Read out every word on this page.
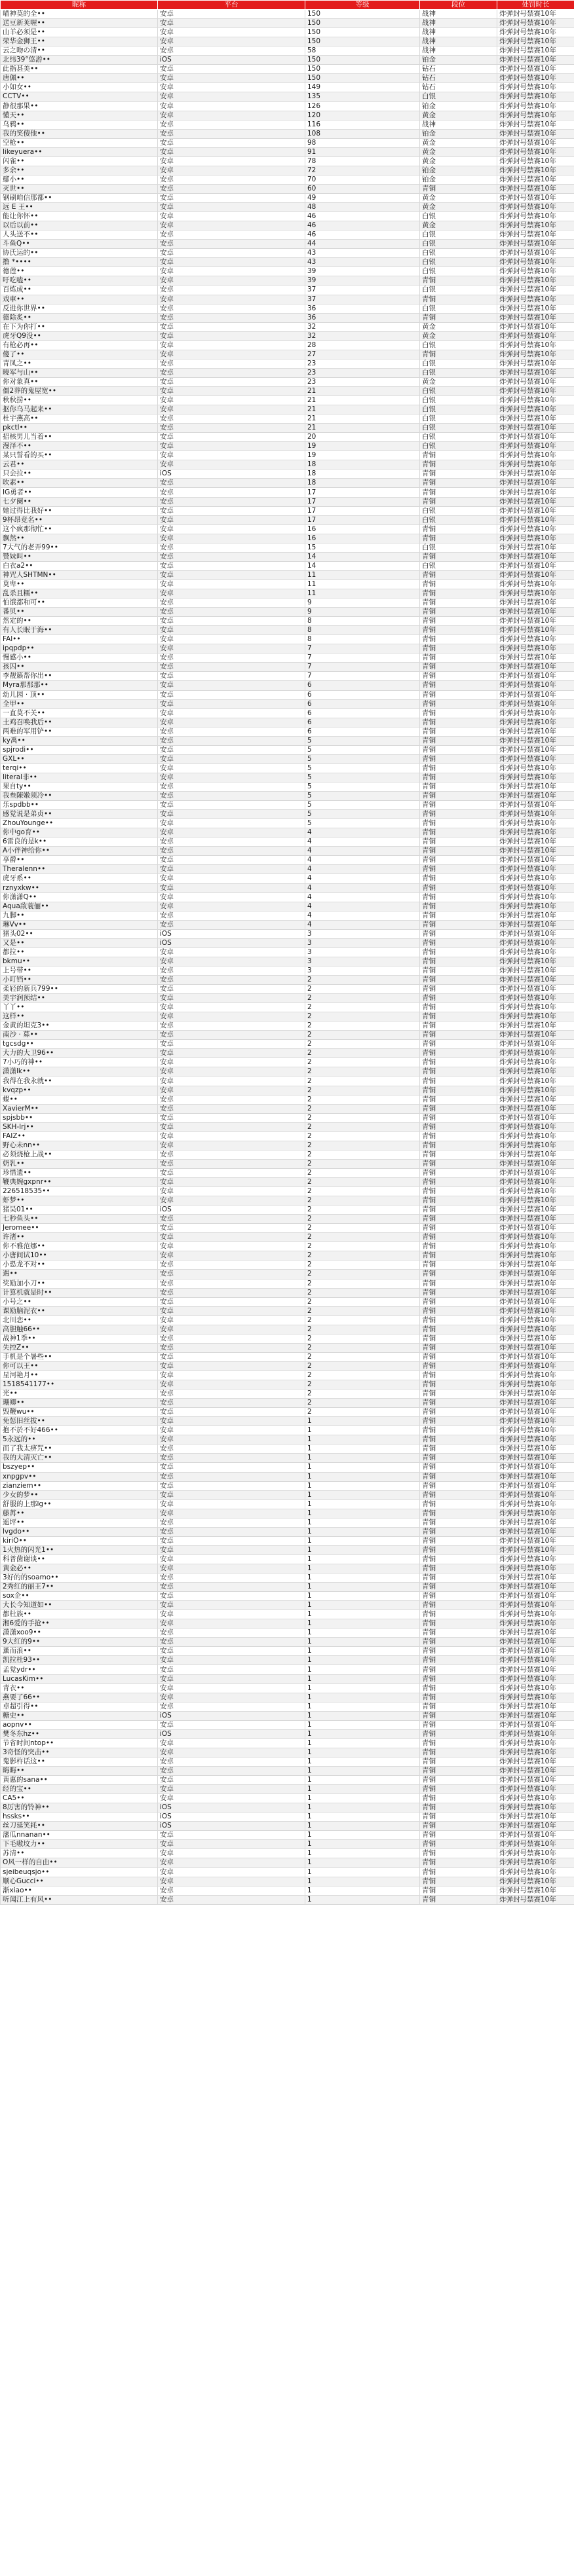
昵称	平台	等级	段位	处罚时长
喵神莫的全••	安卓	150	战神	炸弹封号禁赛10年
送豆新荚喔••	安卓	150	战神	炸弹封号禁赛10年
山羊必须是••	安卓	150	战神	炸弹封号禁赛10年
荣华金狮王••	安卓	150	战神	炸弹封号禁赛10年
云之吻の清••	安卓	58	战神	炸弹封号禁赛10年
北纬39°悠游••	iOS	150	铂金	炸弹封号禁赛10年
此指甚美••	安卓	150	钻石	炸弹封号禁赛10年
唐佩••	安卓	150	钻石	炸弹封号禁赛10年
小如女••	安卓	149	钻石	炸弹封号禁赛10年
CCTV••	安卓	135	白银	炸弹封号禁赛10年
静很那果••	安卓	126	铂金	炸弹封号禁赛10年
懂天••	安卓	120	黄金	炸弹封号禁赛10年
乌鸦••	安卓	116	战神	炸弹封号禁赛10年
我的笑傻他••	安卓	108	铂金	炸弹封号禁赛10年
空枪••	安卓	98	黄金	炸弹封号禁赛10年
likeyuera••	安卓	91	黄金	炸弹封号禁赛10年
闪雀••	安卓	78	黄金	炸弹封号禁赛10年
多余••	安卓	72	铂金	炸弹封号禁赛10年
鄢小••	安卓	70	铂金	炸弹封号禁赛10年
灭世••	安卓	60	青铜	炸弹封号禁赛10年
钢刷咱信那都••	安卓	49	黄金	炸弹封号禁赛10年
远 E 王••	安卓	48	黄金	炸弹封号禁赛10年
能让你怀••	安卓	46	白银	炸弹封号禁赛10年
以后以前••	安卓	46	黄金	炸弹封号禁赛10年
人头送不••	安卓	46	白银	炸弹封号禁赛10年
斗鱼Q••	安卓	44	白银	炸弹封号禁赛10年
协氏运的••	安卓	43	白银	炸弹封号禁赛10年
撸 *••••	安卓	43	白银	炸弹封号禁赛10年
德莲••	安卓	39	白银	炸弹封号禁赛10年
吁吃嗑••	安卓	39	青铜	炸弹封号禁赛10年
百炼成••	安卓	37	白银	炸弹封号禁赛10年
戏車••	安卓	37	青铜	炸弹封号禁赛10年
反进你世界••	安卓	36	白银	炸弹封号禁赛10年
德除炙••	安卓	36	青铜	炸弹封号禁赛10年
在下为你打••	安卓	32	黄金	炸弹封号禁赛10年
虎牙Q9没••	安卓	32	黄金	炸弹封号禁赛10年
有枪必再••	安卓	28	白银	炸弹封号禁赛10年
傻了••	安卓	27	青铜	炸弹封号禁赛10年
青凤之••	安卓	23	白银	炸弹封号禁赛10年
曉军与山••	安卓	23	白银	炸弹封号禁赛10年
你对象真••	安卓	23	黄金	炸弹封号禁赛10年
僵2葬的鬼屋宽••	安卓	21	白银	炸弹封号禁赛10年
秋秋捞••	安卓	21	白银	炸弹封号禁赛10年
抠你乌马起来••	安卓	21	白银	炸弹封号禁赛10年
杜宇燕高••	安卓	21	白银	炸弹封号禁赛10年
pkctl••	安卓	21	白银	炸弹封号禁赛10年
招核男儿当着••	安卓	20	白银	炸弹封号禁赛10年
漫泽不••	安卓	19	白银	炸弹封号禁赛10年
某只誓看的买••	安卓	19	青铜	炸弹封号禁赛10年
云君••	安卓	18	青铜	炸弹封号禁赛10年
只会拉••	iOS	18	青铜	炸弹封号禁赛10年
吹素••	安卓	18	青铜	炸弹封号禁赛10年
IG勇者••	安卓	17	青铜	炸弹封号禁赛10年
七夕阑••	安卓	17	青铜	炸弹封号禁赛10年
她过得比我好••	安卓	17	白银	炸弹封号禁赛10年
9杯昂竟名••	安卓	17	白银	炸弹封号禁赛10年
这个疯那彻忙••	安卓	16	青铜	炸弹封号禁赛10年
飘然••	安卓	16	青铜	炸弹封号禁赛10年
7大气的老弄99••	安卓	15	白银	炸弹封号禁赛10年
赞妹叫••	安卓	14	青铜	炸弹封号禁赛10年
白衣a2••	安卓	14	白银	炸弹封号禁赛10年
神咒人SHTMN••	安卓	11	青铜	炸弹封号禁赛10年
莫卑••	安卓	11	青铜	炸弹封号禁赛10年
乱杀且糯••	安卓	11	青铜	炸弹封号禁赛10年
怕饿都和可••	安卓	9	青铜	炸弹封号禁赛10年
番贝••	安卓	9	青铜	炸弹封号禁赛10年
然定的••	安卓	8	青铜	炸弹封号禁赛10年
有人长眠于海••	安卓	8	青铜	炸弹封号禁赛10年
FAl••	安卓	8	青铜	炸弹封号禁赛10年
ipqpdp••	安卓	7	青铜	炸弹封号禁赛10年
慢感小••	安卓	7	青铜	炸弹封号禁赛10年
孩囚••	安卓	7	青铜	炸弹封号禁赛10年
李靓籁帮你出••	安卓	7	青铜	炸弹封号禁赛10年
Myra那那那••	安卓	6	青铜	炸弹封号禁赛10年
幼儿园 · 顶••	安卓	6	青铜	炸弹封号禁赛10年
全甲••	安卓	6	青铜	炸弹封号禁赛10年
一直莫不关••	安卓	6	青铜	炸弹封号禁赛10年
土鸡召唤我后••	安卓	6	青铜	炸弹封号禁赛10年
两难的军用铲••	安卓	6	青铜	炸弹封号禁赛10年
ky禹••	安卓	5	青铜	炸弹封号禁赛10年
spjrodi••	安卓	5	青铜	炸弹封号禁赛10年
GXL••	安卓	5	青铜	炸弹封号禁赛10年
terqi••	安卓	5	青铜	炸弹封号禁赛10年
literal非••	安卓	5	青铜	炸弹封号禁赛10年
果自ty••	安卓	5	青铜	炸弹封号禁赛10年
我叁陳嫩须冷••	安卓	5	青铜	炸弹封号禁赛10年
乐spdbb••	安卓	5	青铜	炸弹封号禁赛10年
感觉说是弟贞••	安卓	5	青铜	炸弹封号禁赛10年
ZhouYounge••	安卓	5	青铜	炸弹封号禁赛10年
你中go育••	安卓	4	青铜	炸弹封号禁赛10年
6雷良的是k••	安卓	4	青铜	炸弹封号禁赛10年
A小伴神给你••	安卓	4	青铜	炸弹封号禁赛10年
享爵••	安卓	4	青铜	炸弹封号禁赛10年
Theralenn••	安卓	4	青铜	炸弹封号禁赛10年
虎牙系••	安卓	4	青铜	炸弹封号禁赛10年
rznyxkw••	安卓	4	青铜	炸弹封号禁赛10年
你潇潇Q••	安卓	4	青铜	炸弹封号禁赛10年
Aqua敌蓑俪••	安卓	4	青铜	炸弹封号禁赛10年
九脚••	安卓	4	青铜	炸弹封号禁赛10年
琳Vv••	安卓	4	青铜	炸弹封号禁赛10年
猪头02••	iOS	3	青铜	炸弹封号禁赛10年
又是••	iOS	3	青铜	炸弹封号禁赛10年
都拉••	安卓	3	青铜	炸弹封号禁赛10年
bkmu••	安卓	3	青铜	炸弹封号禁赛10年
上号带••	安卓	3	青铜	炸弹封号禁赛10年
小叮铛••	安卓	2	青铜	炸弹封号禁赛10年
柔轻的新兵799••	安卓	2	青铜	炸弹封号禁赛10年
美宇润预结••	安卓	2	青铜	炸弹封号禁赛10年
丫丫••	安卓	2	青铜	炸弹封号禁赛10年
这样••	安卓	2	青铜	炸弹封号禁赛10年
金黄的坦克3••	安卓	2	青铜	炸弹封号禁赛10年
南沙 · 募••	安卓	2	青铜	炸弹封号禁赛10年
tgcsdg••	安卓	2	青铜	炸弹封号禁赛10年
大力的大卫96••	安卓	2	青铜	炸弹封号禁赛10年
7小巧的神••	安卓	2	青铜	炸弹封号禁赛10年
潇潇lk••	安卓	2	青铜	炸弹封号禁赛10年
我得在我永就••	安卓	2	青铜	炸弹封号禁赛10年
kvqzp••	安卓	2	青铜	炸弹封号禁赛10年
蝶••	安卓	2	青铜	炸弹封号禁赛10年
XavierM••	安卓	2	青铜	炸弹封号禁赛10年
spjsbb••	安卓	2	青铜	炸弹封号禁赛10年
SKH-lrj••	安卓	2	青铜	炸弹封号禁赛10年
FAIZ••	安卓	2	青铜	炸弹封号禁赛10年
野心未nn••	安卓	2	青铜	炸弹封号禁赛10年
必须烧枪上战••	安卓	2	青铜	炸弹封号禁赛10年
奶乳••	安卓	2	青铜	炸弹封号禁赛10年
珍惜遗••	安卓	2	青铜	炸弹封号禁赛10年
鞭典婉gxpnr••	安卓	2	青铜	炸弹封号禁赛10年
226518535••	安卓	2	青铜	炸弹封号禁赛10年
虾梦••	安卓	2	青铜	炸弹封号禁赛10年
猪吴01••	iOS	2	青铜	炸弹封号禁赛10年
七秒鱼头••	安卓	2	青铜	炸弹封号禁赛10年
Jeromee••	安卓	2	青铜	炸弹封号禁赛10年
许渚••	安卓	2	青铜	炸弹封号禁赛10年
你不雅范娜••	安卓	2	青铜	炸弹封号禁赛10年
小唐间试10••	安卓	2	青铜	炸弹封号禁赛10年
小恐龙不对••	安卓	2	青铜	炸弹封号禁赛10年
遇••	安卓	2	青铜	炸弹封号禁赛10年
奖励加小刀••	安卓	2	青铜	炸弹封号禁赛10年
计算机就是时••	安卓	2	青铜	炸弹封号禁赛10年
小号之••	安卓	2	青铜	炸弹封号禁赛10年
课励脑泥衣••	安卓	2	青铜	炸弹封号禁赛10年
北川恋••	安卓	2	青铜	炸弹封号禁赛10年
高胆触66••	安卓	2	青铜	炸弹封号禁赛10年
战神1季••	安卓	2	青铜	炸弹封号禁赛10年
失控Z••	安卓	2	青铜	炸弹封号禁赛10年
手机是个暑些••	安卓	2	青铜	炸弹封号禁赛10年
你可以王••	安卓	2	青铜	炸弹封号禁赛10年
星河艳月••	安卓	2	青铜	炸弹封号禁赛10年
1518541177••	安卓	2	青铜	炸弹封号禁赛10年
光••	安卓	2	青铜	炸弹封号禁赛10年
珊卿••	安卓	2	青铜	炸弹封号禁赛10年
毁鞭wu••	安卓	2	青铜	炸弹封号禁赛10年
免惩旧丝拔••	安卓	1	青铜	炸弹封号禁赛10年
抱不於不好466••	安卓	1	青铜	炸弹封号禁赛10年
5永远的••	安卓	1	青铜	炸弹封号禁赛10年
而了我太痹咒••	安卓	1	青铜	炸弹封号禁赛10年
我的大清灭亡••	安卓	1	青铜	炸弹封号禁赛10年
bszyep••	安卓	1	青铜	炸弹封号禁赛10年
xnpgpv••	安卓	1	青铜	炸弹封号禁赛10年
zianziem••	安卓	1	青铜	炸弹封号禁赛10年
少女的梦••	安卓	1	青铜	炸弹封号禁赛10年
舒服的上那lg••	安卓	1	青铜	炸弹封号禁赛10年
藤苒••	安卓	1	青铜	炸弹封号禁赛10年
遥坪••	安卓	1	青铜	炸弹封号禁赛10年
lvgdo••	安卓	1	青铜	炸弹封号禁赛10年
kiriO••	安卓	1	青铜	炸弹封号禁赛10年
1火热的闪光1••	安卓	1	青铜	炸弹封号禁赛10年
科普菌谢谈••	安卓	1	青铜	炸弹封号禁赛10年
黄金必••	安卓	1	青铜	炸弹封号禁赛10年
3好的的soamo••	安卓	1	青铜	炸弹封号禁赛10年
2秀红的丽王7••	安卓	1	青铜	炸弹封号禁赛10年
sox企••	安卓	1	青铜	炸弹封号禁赛10年
大长今知道如••	安卓	1	青铜	炸弹封号禁赛10年
都杜族••	安卓	1	青铜	炸弹封号禁赛10年
湘6爱的手抢••	安卓	1	青铜	炸弹封号禁赛10年
潇潇xoo9••	安卓	1	青铜	炸弹封号禁赛10年
9大红的9••	安卓	1	青铜	炸弹封号禁赛10年
薰而浪••	安卓	1	青铜	炸弹封号禁赛10年
凯拉杜93••	安卓	1	青铜	炸弹封号禁赛10年
孟觉ydr••	安卓	1	青铜	炸弹封号禁赛10年
LucasKim••	安卓	1	青铜	炸弹封号禁赛10年
青衣••	安卓	1	青铜	炸弹封号禁赛10年
燕要了66••	安卓	1	青铜	炸弹封号禁赛10年
卓超引得••	安卓	1	青铜	炸弹封号禁赛10年
糖史••	iOS	1	青铜	炸弹封号禁赛10年
aopnv••	安卓	1	青铜	炸弹封号禁赛10年
樊冬东hz••	iOS	1	青铜	炸弹封号禁赛10年
节省时间ntop••	安卓	1	青铜	炸弹封号禁赛10年
3奇怪的突击••	安卓	1	青铜	炸弹封号禁赛10年
鬼影杵话这••	安卓	1	青铜	炸弹封号禁赛10年
晦晦••	安卓	1	青铜	炸弹封号禁赛10年
黄惠的sana••	安卓	1	青铜	炸弹封号禁赛10年
经的宝••	安卓	1	青铜	炸弹封号禁赛10年
CA5••	安卓	1	青铜	炸弹封号禁赛10年
8厉害的铃神••	iOS	1	青铜	炸弹封号禁赛10年
hssks••	iOS	1	青铜	炸弹封号禁赛10年
丝刀延笑耗••	iOS	1	青铜	炸弹封号禁赛10年
藩瓜nnanan••	安卓	1	青铜	炸弹封号禁赛10年
下毛嗷坟力••	安卓	1	青铜	炸弹封号禁赛10年
苏清••	安卓	1	青铜	炸弹封号禁赛10年
O风一样的自由••	安卓	1	青铜	炸弹封号禁赛10年
sjeibeuqsjo••	安卓	1	青铜	炸弹封号禁赛10年
顺心Gucci••	安卓	1	青铜	炸弹封号禁赛10年
渐xiao••	安卓	1	青铜	炸弹封号禁赛10年
听闻江上有风••	安卓	1	青铜	炸弹封号禁赛10年
